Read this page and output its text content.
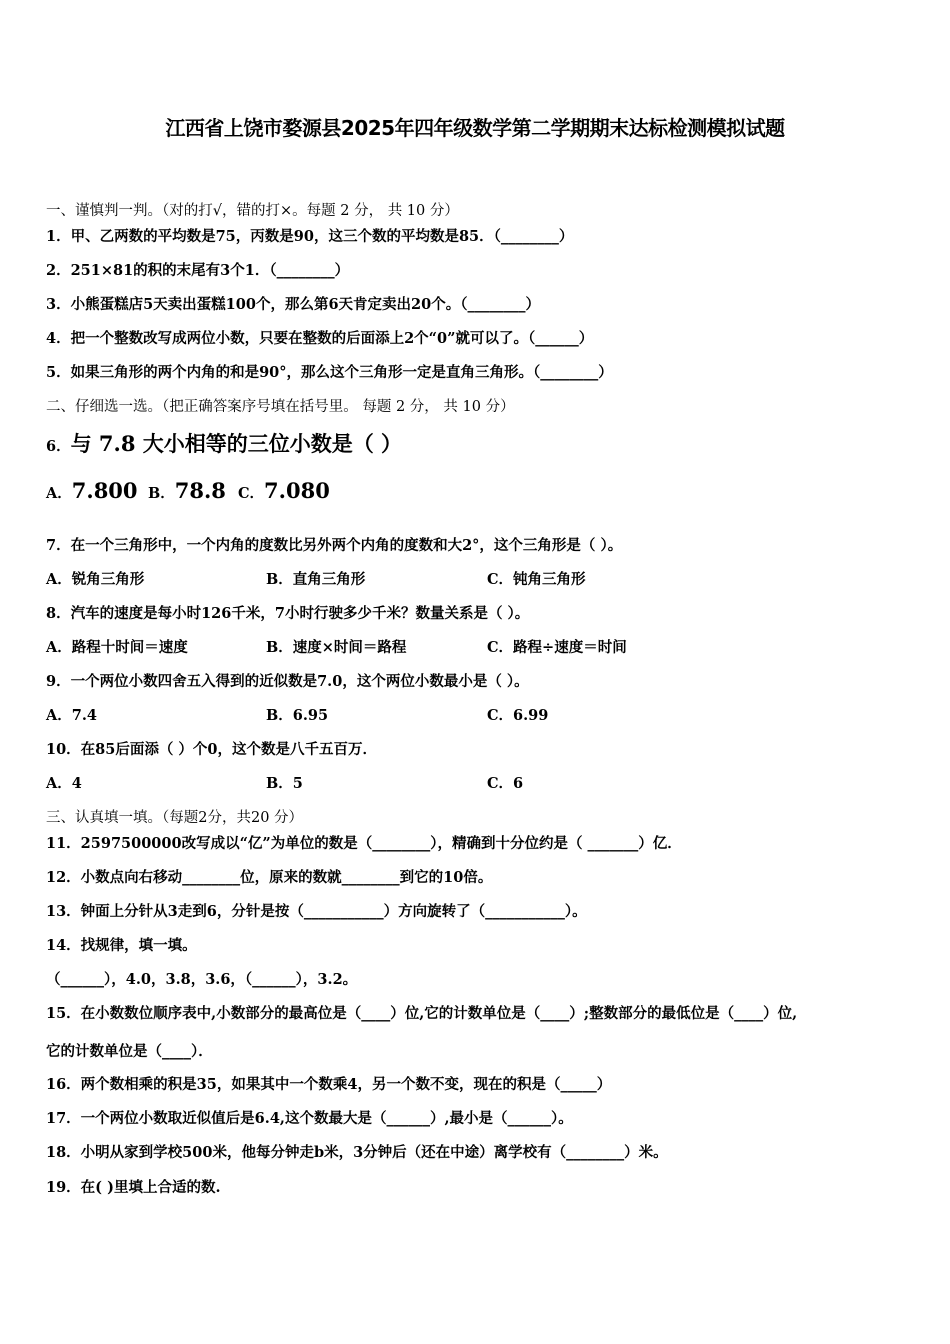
江西省上饶市婺源县2025年四年级数学第二学期期末达标检测模拟试题
一、谨慎判一判。（对的打√，错的打×。每题 2 分， 共 10 分）
1．甲、乙两数的平均数是75，丙数是90，这三个数的平均数是85．（________）
2．251×81的积的末尾有3个1．（________）
3．小熊蛋糕店5天卖出蛋糕100个，那么第6天肯定卖出20个。（________）
4．把一个整数改写成两位小数，只要在整数的后面添上2个“0”就可以了。（______）
5．如果三角形的两个内角的和是90°，那么这个三角形一定是直角三角形。（________）
二、仔细选一选。（把正确答案序号填在括号里。 每题 2 分， 共 10 分）
6．与 7.8 大小相等的三位小数是（ ）
A．7.800 B．78.8 C．7.080
7．在一个三角形中，一个内角的度数比另外两个内角的度数和大2°，这个三角形是（ ）。
A．锐角三角形	B．直角三角形	C．钝角三角形
8．汽车的速度是每小时126千米，7小时行驶多少千米？数量关系是（ ）。
A．路程十时间＝速度	B．速度×时间＝路程	C．路程÷速度＝时间
9．一个两位小数四舍五入得到的近似数是7.0，这个两位小数最小是（ ）。
A．7.4	B．6.95	C．6.99
10．在85后面添（ ）个0，这个数是八千五百万．
A．4	B．5	C．6
三、认真填一填。（每题2分，共20 分）
11．2597500000改写成以“亿”为单位的数是（________），精确到十分位约是（ _______）亿．
12．小数点向右移动________位，原来的数就________到它的10倍。
13．钟面上分针从3走到6，分针是按（___________）方向旋转了（___________）。
14．找规律，填一填。
（______），4.0，3.8，3.6，（______），3.2。
15．在小数数位顺序表中,小数部分的最高位是（____）位,它的计数单位是（____）;整数部分的最低位是（____）位,
它的计数单位是（____）．
16．两个数相乘的积是35，如果其中一个数乘4，另一个数不变，现在的积是（_____）
17．一个两位小数取近似值后是6.4,这个数最大是（______）,最小是（______）。
18．小明从家到学校500米，他每分钟走b米，3分钟后（还在中途）离学校有（________）米。
19．在( )里填上合适的数.
